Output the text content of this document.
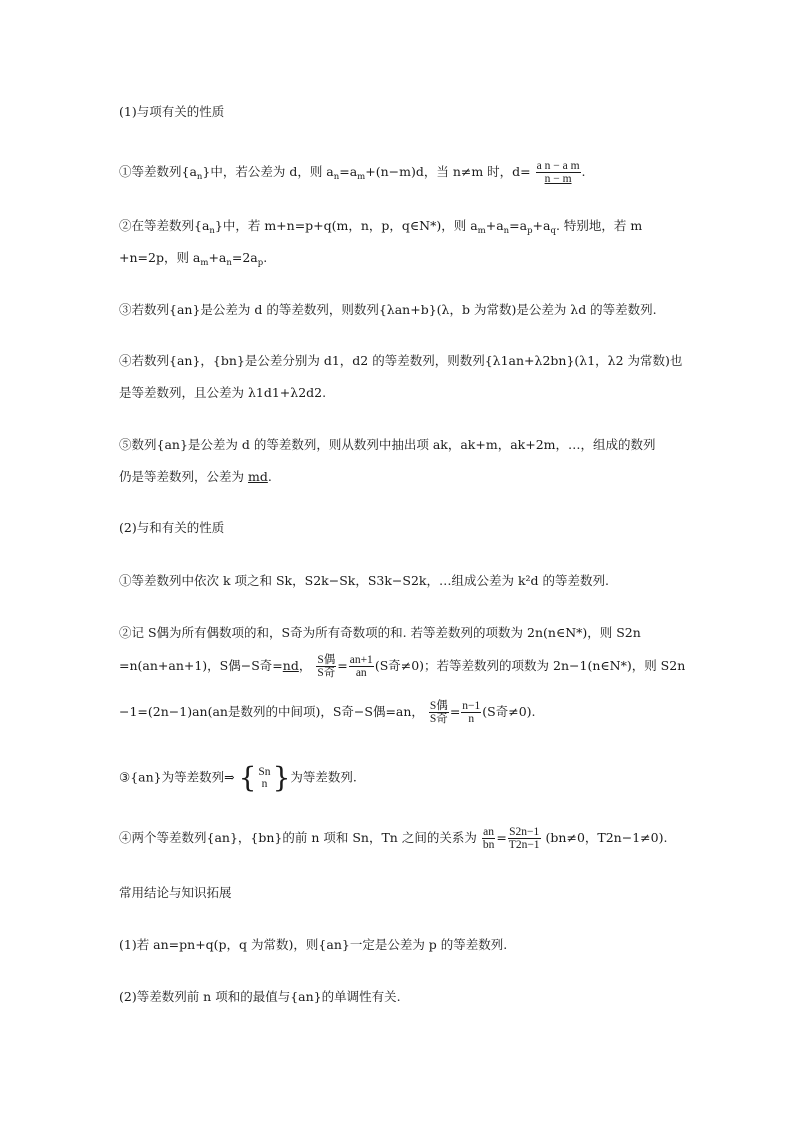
(1)与项有关的性质
①等差数列$\{a_n\}$中，若公差为 d，则 $a_n=a_m+(n-m)d$，当 n≠m 时，$d= \frac{\text{a n − a m}}{n - m}$ .
②在等差数列$\{a_n\}$中，若 m+n=p+q(m，n，p，q∈N*)，则 $a_m+a_n=a_p+a_q$. 特别地，若 m
+n=2p，则 $a_m+a_n=2a_p$.
③若数列{an}是公差为 d 的等差数列，则数列{λan+b}(λ，b 为常数)是公差为 λd 的等差数列.
④若数列{an}，{bn}是公差分别为 d1，d2 的等差数列，则数列{λ1an+λ2bn}(λ1，λ2 为常数)也
是等差数列，且公差为 λ1d1+λ2d2.
⑤数列{an}是公差为 d 的等差数列，则从数列中抽出项 ak，ak+m，ak+2m，…，组成的数列
仍是等差数列，公差为 md.
(2)与和有关的性质
①等差数列中依次 k 项之和 Sk，S2k−Sk，S3k−S2k，…组成公差为 k²d 的等差数列.
②记 S偶为所有偶数项的和，S奇为所有奇数项的和. 若等差数列的项数为 2n(n∈N*)，则 S2n
=n(an+an+1)，S偶−S奇=nd， $\frac{\text{S偶}}{\text{S奇}} = \frac{an+1}{an} (S$奇≠0)；若等差数列的项数为 2n−1(n∈N*)，则 S2n
−1=(2n−1)an(an是数列的中间项)，S奇−S偶=an， $\frac{\text{S偶}}{\text{S奇}} = \frac{n-1}{n} (S$奇≠0).
③{an}为等差数列⇒ { Sn
n }为等差数列.
④两个等差数列{an}，{bn}的前 n 项和 Sn，Tn 之间的关系为 $\frac{an}{bn} = \frac{S2n-1}{T2n-1} (bn\ne 0$，T2n−1≠0).
常用结论与知识拓展
(1)若 an=pn+q(p，q 为常数)，则{an}一定是公差为 p 的等差数列.
(2)等差数列前 n 项和的最值与{an}的单调性有关.
